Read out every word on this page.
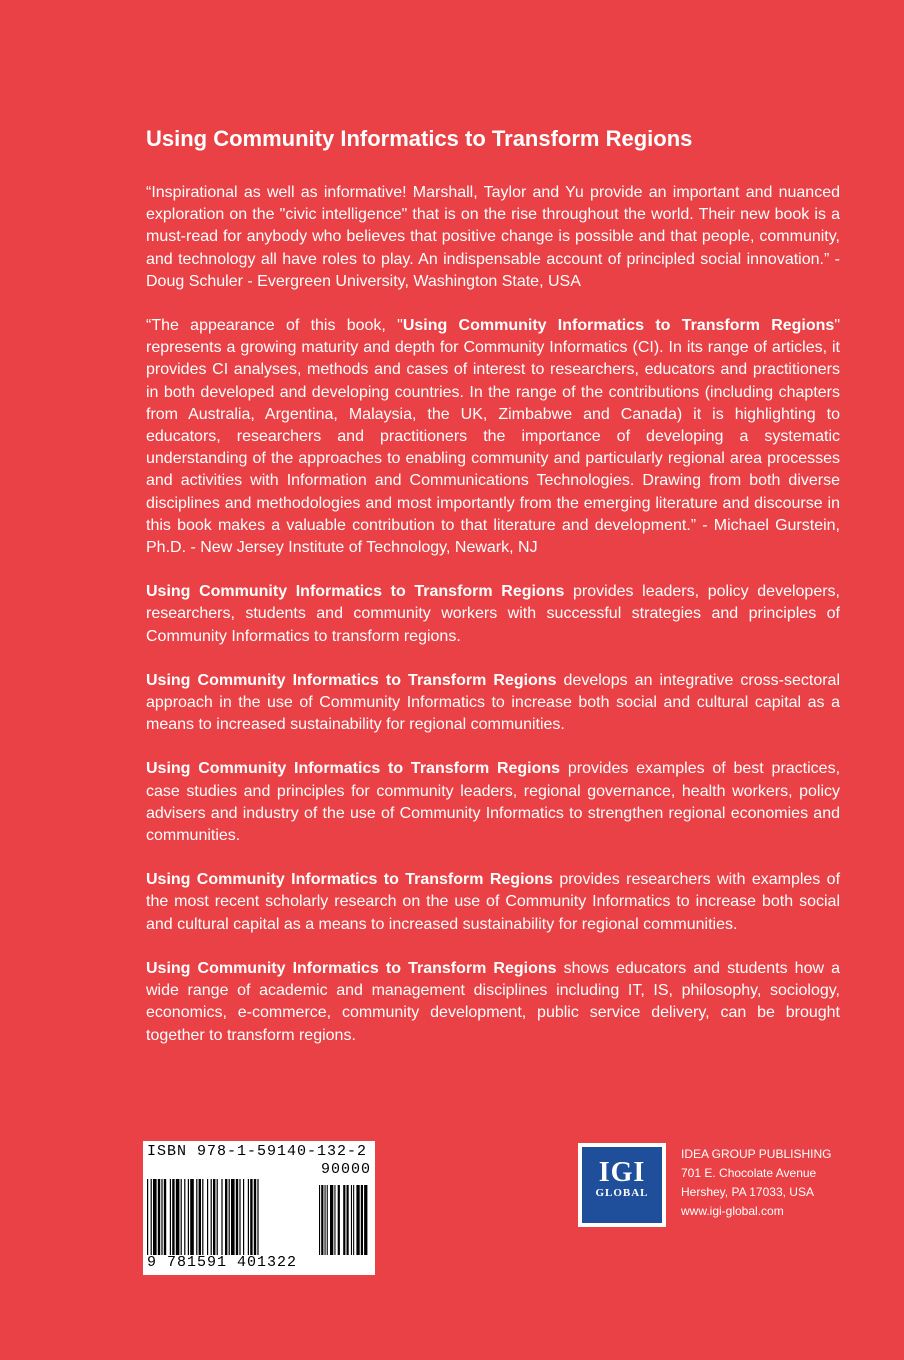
Using Community Informatics to Transform Regions

“Inspirational as well as informative! Marshall, Taylor and Yu provide an important and nuanced exploration on the "civic intelligence" that is on the rise throughout the world. Their new book is a must-read for anybody who believes that positive change is possible and that people, community, and technology all have roles to play. An indispensable account of principled social innovation.” - Doug Schuler - Evergreen University, Washington State, USA

“The appearance of this book, "Using Community Informatics to Transform Regions" represents a growing maturity and depth for Community Informatics (CI). In its range of articles, it provides CI analyses, methods and cases of interest to researchers, educators and practitioners in both developed and developing countries. In the range of the contributions (including chapters from Australia, Argentina, Malaysia, the UK, Zimbabwe and Canada) it is highlighting to educators, researchers and practitioners the importance of developing a systematic understanding of the approaches to enabling community and particularly regional area processes and activities with Information and Communications Technologies. Drawing from both diverse disciplines and methodologies and most importantly from the emerging literature and discourse in this book makes a valuable contribution to that literature and development.” - Michael Gurstein, Ph.D. - New Jersey Institute of Technology, Newark, NJ

Using Community Informatics to Transform Regions provides leaders, policy developers, researchers, students and community workers with successful strategies and principles of Community Informatics to transform regions.

Using Community Informatics to Transform Regions develops an integrative cross-sectoral approach in the use of Community Informatics to increase both social and cultural capital as a means to increased sustainability for regional communities.

Using Community Informatics to Transform Regions provides examples of best practices, case studies and principles for community leaders, regional governance, health workers, policy advisers and industry of the use of Community Informatics to strengthen regional economies and communities.

Using Community Informatics to Transform Regions provides researchers with examples of the most recent scholarly research on the use of Community Informatics to increase both social and cultural capital as a means to increased sustainability for regional communities.

Using Community Informatics to Transform Regions shows educators and students how a wide range of academic and management disciplines including IT, IS, philosophy, sociology, economics, e-commerce, community development, public service delivery, can be brought together to transform regions.

ISBN 978-1-59140-132-2
90000
9 781591 401322
IGI
GLOBAL
IDEA GROUP PUBLISHING
701 E. Chocolate Avenue
Hershey, PA 17033, USA
www.igi-global.com
